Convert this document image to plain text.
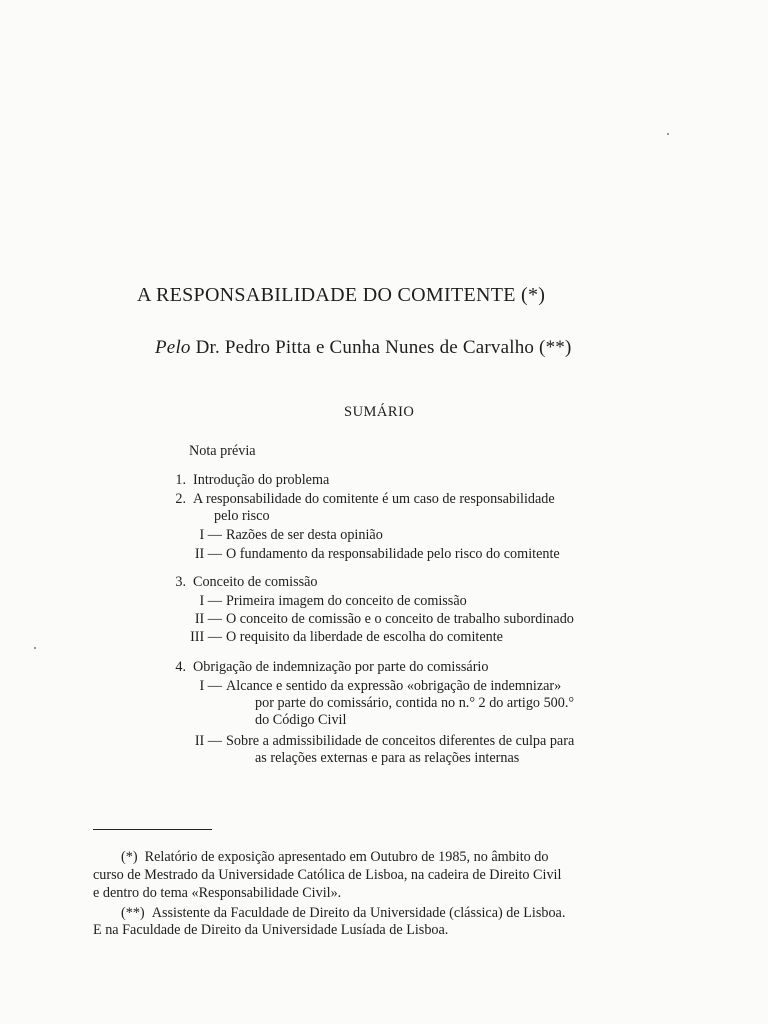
A RESPONSABILIDADE DO COMITENTE (*)
Pelo Dr. Pedro Pitta e Cunha Nunes de Carvalho (**)
SUMÁRIO
Nota prévia
1. Introdução do problema
2. A responsabilidade do comitente é um caso de responsabilidade
pelo risco
I — Razões de ser desta opinião
II — O fundamento da responsabilidade pelo risco do comitente
3. Conceito de comissão
I — Primeira imagem do conceito de comissão
II — O conceito de comissão e o conceito de trabalho subordinado
III — O requisito da liberdade de escolha do comitente
4. Obrigação de indemnização por parte do comissário
I — Alcance e sentido da expressão «obrigação de indemnizar»
por parte do comissário, contida no n.° 2 do artigo 500.°
do Código Civil
II — Sobre a admissibilidade de conceitos diferentes de culpa para
as relações externas e para as relações internas
(*) Relatório de exposição apresentado em Outubro de 1985, no âmbito do
curso de Mestrado da Universidade Católica de Lisboa, na cadeira de Direito Civil
e dentro do tema «Responsabilidade Civil».
(**) Assistente da Faculdade de Direito da Universidade (clássica) de Lisboa.
E na Faculdade de Direito da Universidade Lusíada de Lisboa.
